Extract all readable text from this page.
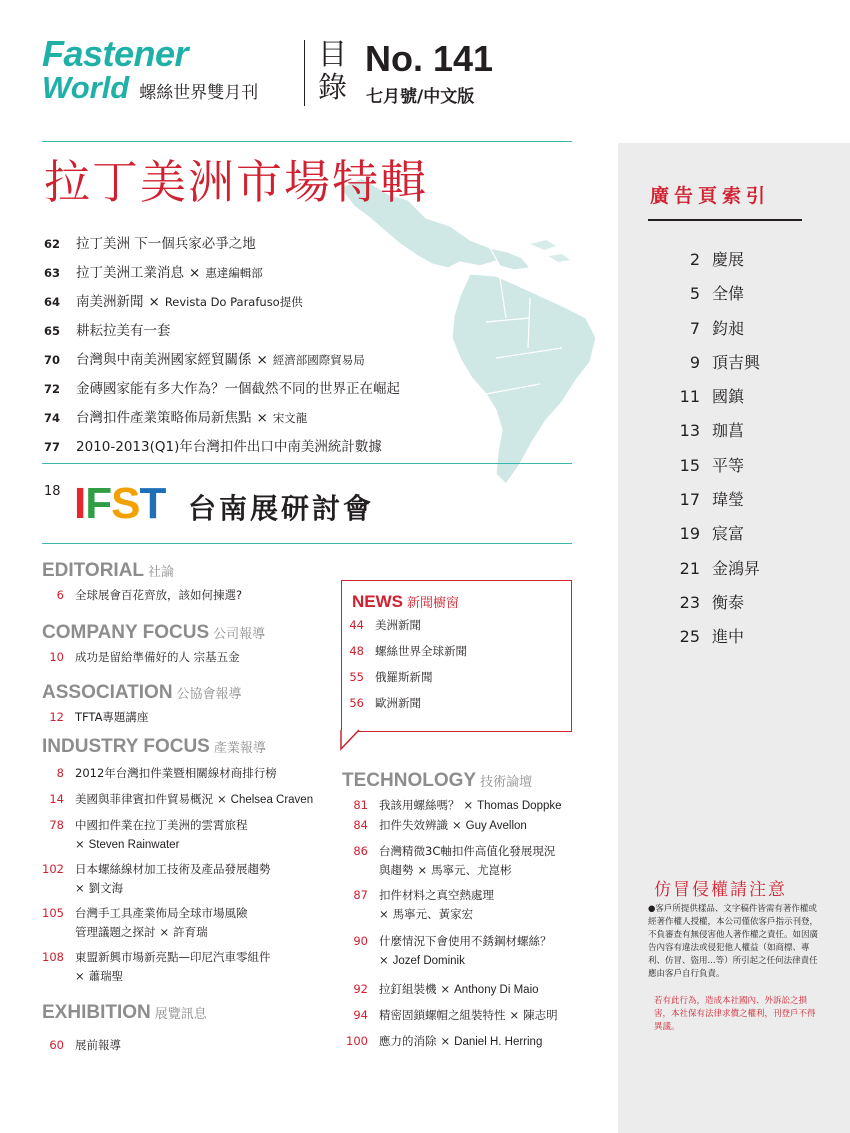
Fastener
World 螺絲世界雙月刊
目錄
No. 141
七月號/中文版
廣告頁索引
2 慶展
5 全偉
7 鈞昶
9 頂吉興
11 國鎮
13 珈菖
15 平等
17 瑋瑩
19 宸富
21 金鴻昇
23 衡泰
25 進中
仿冒侵權請注意
●客戶所提供樣品、文字稿件皆需有著作權或經著作權人授權，本公司僅依客戶指示刊登，不負審查有無侵害他人著作權之責任。如因廣告內容有違法或侵犯他人權益（如商標、專利、仿冒、盜用...等）所引起之任何法律責任應由客戶自行負責。
若有此行為，造成本社國內、外訴訟之損害，本社保有法律求償之權利，刊登戶不得異議。
拉丁美洲市場特輯
62	拉丁美洲 下一個兵家必爭之地
63	拉丁美洲工業消息 × 惠達編輯部
64	南美洲新聞 × Revista Do Parafuso提供
65	耕耘拉美有一套
70	台灣與中南美洲國家經貿關係 × 經濟部國際貿易局
72	金磚國家能有多大作為？一個截然不同的世界正在崛起
74	台灣扣件產業策略佈局新焦點 × 宋文龍
77	2010-2013(Q1)年台灣扣件出口中南美洲統計數據
18 IFST 台南展研討會
EDITORIAL 社論
6 全球展會百花齊放，該如何揀選?
COMPANY FOCUS 公司報導
10 成功是留給準備好的人 宗基五金
ASSOCIATION 公協會報導
12 TFTA專題講座
INDUSTRY FOCUS 產業報導
8 2012年台灣扣件業暨相關線材商排行榜
14 美國與菲律賓扣件貿易概況 × Chelsea Craven
78 中國扣件業在拉丁美洲的雲霄旅程
× Steven Rainwater
102 日本螺絲線材加工技術及產品發展趨勢
× 劉文海
105 台灣手工具產業佈局全球市場風險
管理議題之探討 × 許育瑞
108 東盟新興市場新亮點—印尼汽車零組件
× 蕭瑞聖
EXHIBITION 展覽訊息
60 展前報導
NEWS 新聞櫥窗
44 美洲新聞
48 螺絲世界全球新聞
55 俄羅斯新聞
56 歐洲新聞
TECHNOLOGY 技術論壇
81 我該用螺絲嗎？ × Thomas Doppke
84 扣件失效辨識 × Guy Avellon
86 台灣精微3C軸扣件高值化發展現況
與趨勢 × 馬寧元、尤崑彬
87 扣件材料之真空熱處理
× 馬寧元、黃家宏
90 什麼情況下會使用不銹鋼材螺絲？
× Jozef Dominik
92 拉釘組裝機 × Anthony Di Maio
94 精密固鎖螺帽之組裝特性 × 陳志明
100 應力的消除 × Daniel H. Herring
